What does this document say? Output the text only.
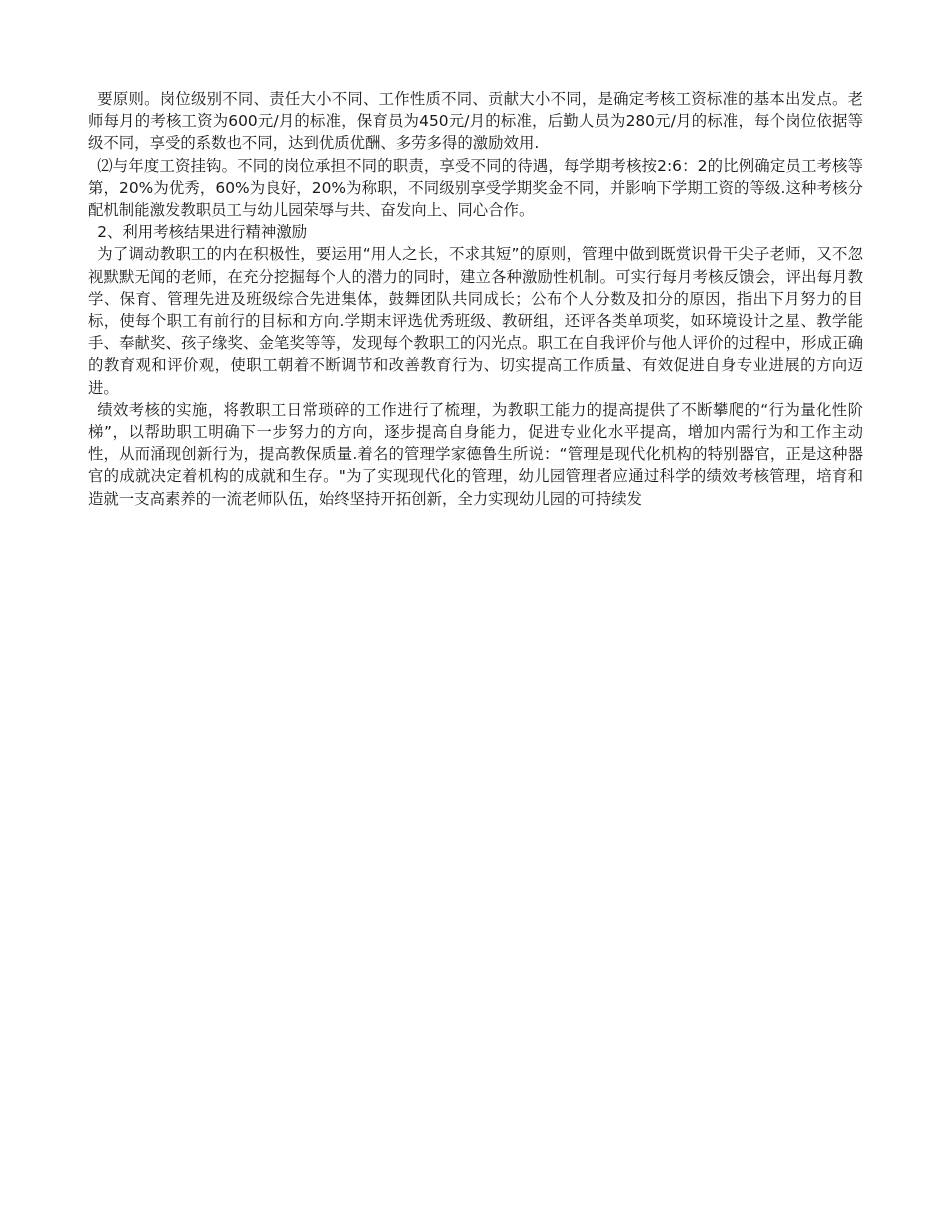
要原则。岗位级别不同、责任大小不同、工作性质不同、贡献大小不同，是确定考核工资标准的基本出发点。老师每月的考核工资为600元/月的标准，保育员为450元/月的标准，后勤人员为280元/月的标准，每个岗位依据等级不同，享受的系数也不同，达到优质优酬、多劳多得的激励效用.

⑵与年度工资挂钩。不同的岗位承担不同的职责，享受不同的待遇，每学期考核按2:6：2的比例确定员工考核等第，20%为优秀，60%为良好，20%为称职，不同级别享受学期奖金不同，并影响下学期工资的等级.这种考核分配机制能激发教职员工与幼儿园荣辱与共、奋发向上、同心合作。

2、利用考核结果进行精神激励

为了调动教职工的内在积极性，要运用“用人之长，不求其短”的原则，管理中做到既赏识骨干尖子老师，又不忽视默默无闻的老师，在充分挖掘每个人的潜力的同时，建立各种激励性机制。可实行每月考核反馈会，评出每月教学、保育、管理先进及班级综合先进集体，鼓舞团队共同成长；公布个人分数及扣分的原因，指出下月努力的目标，使每个职工有前行的目标和方向.学期末评选优秀班级、教研组，还评各类单项奖，如环境设计之星、教学能手、奉献奖、孩子缘奖、金笔奖等等，发现每个教职工的闪光点。职工在自我评价与他人评价的过程中，形成正确的教育观和评价观，使职工朝着不断调节和改善教育行为、切实提高工作质量、有效促进自身专业进展的方向迈进。

绩效考核的实施，将教职工日常琐碎的工作进行了梳理，为教职工能力的提高提供了不断攀爬的“行为量化性阶梯”，以帮助职工明确下一步努力的方向，逐步提高自身能力，促进专业化水平提高，增加内需行为和工作主动性，从而涌现创新行为，提高教保质量.着名的管理学家德鲁生所说：“管理是现代化机构的特别器官，正是这种器官的成就决定着机构的成就和生存。"为了实现现代化的管理，幼儿园管理者应通过科学的绩效考核管理，培育和造就一支高素养的一流老师队伍，始终坚持开拓创新，全力实现幼儿园的可持续发
